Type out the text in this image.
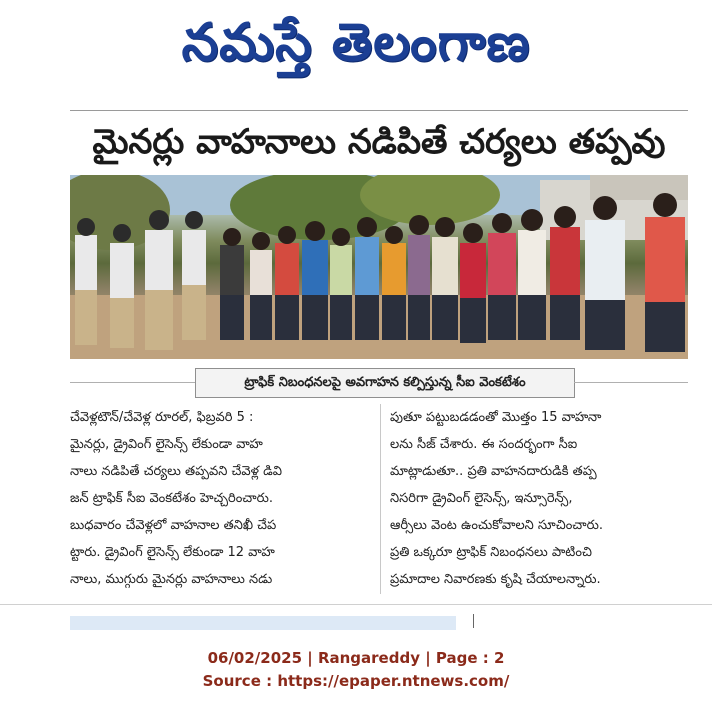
నమస్తే తెలంగాణ
మైనర్లు వాహనాలు నడిపితే చర్యలు తప్పవు
ట్రాఫిక్ నిబంధనలపై అవగాహన కల్పిస్తున్న సీఐ వెంకటేశం
చేవెళ్లటౌన్/చేవెళ్ల రూరల్, ఫిబ్రవరి 5 :
మైనర్లు, డ్రైవింగ్ లైసెన్స్ లేకుండా వాహ
నాలు నడిపితే చర్యలు తప్పవని చేవెళ్ల డివి
జన్ ట్రాఫిక్ సీఐ వెంకటేశం హెచ్చరించారు.
బుధవారం చేవెళ్లలో వాహనాల తనిఖీ చేప
ట్టారు. డ్రైవింగ్ లైసెన్స్ లేకుండా 12 వాహ
నాలు, ముగ్గురు మైనర్లు వాహనాలు నడు
పుతూ పట్టుబడడంతో మొత్తం 15 వాహనా
లను సీజ్ చేశారు. ఈ సందర్భంగా సీఐ
మాట్లాడుతూ.. ప్రతి వాహనదారుడికి తప్ప
నిసరిగా డ్రైవింగ్ లైసెన్స్, ఇన్సూరెన్స్,
ఆర్సీలు వెంట ఉంచుకోవాలని సూచించారు.
ప్రతి ఒక్కరూ ట్రాఫిక్ నిబంధనలు పాటించి
ప్రమాదాల నివారణకు కృషి చేయాలన్నారు.
06/02/2025 | Rangareddy | Page : 2
Source : https://epaper.ntnews.com/
